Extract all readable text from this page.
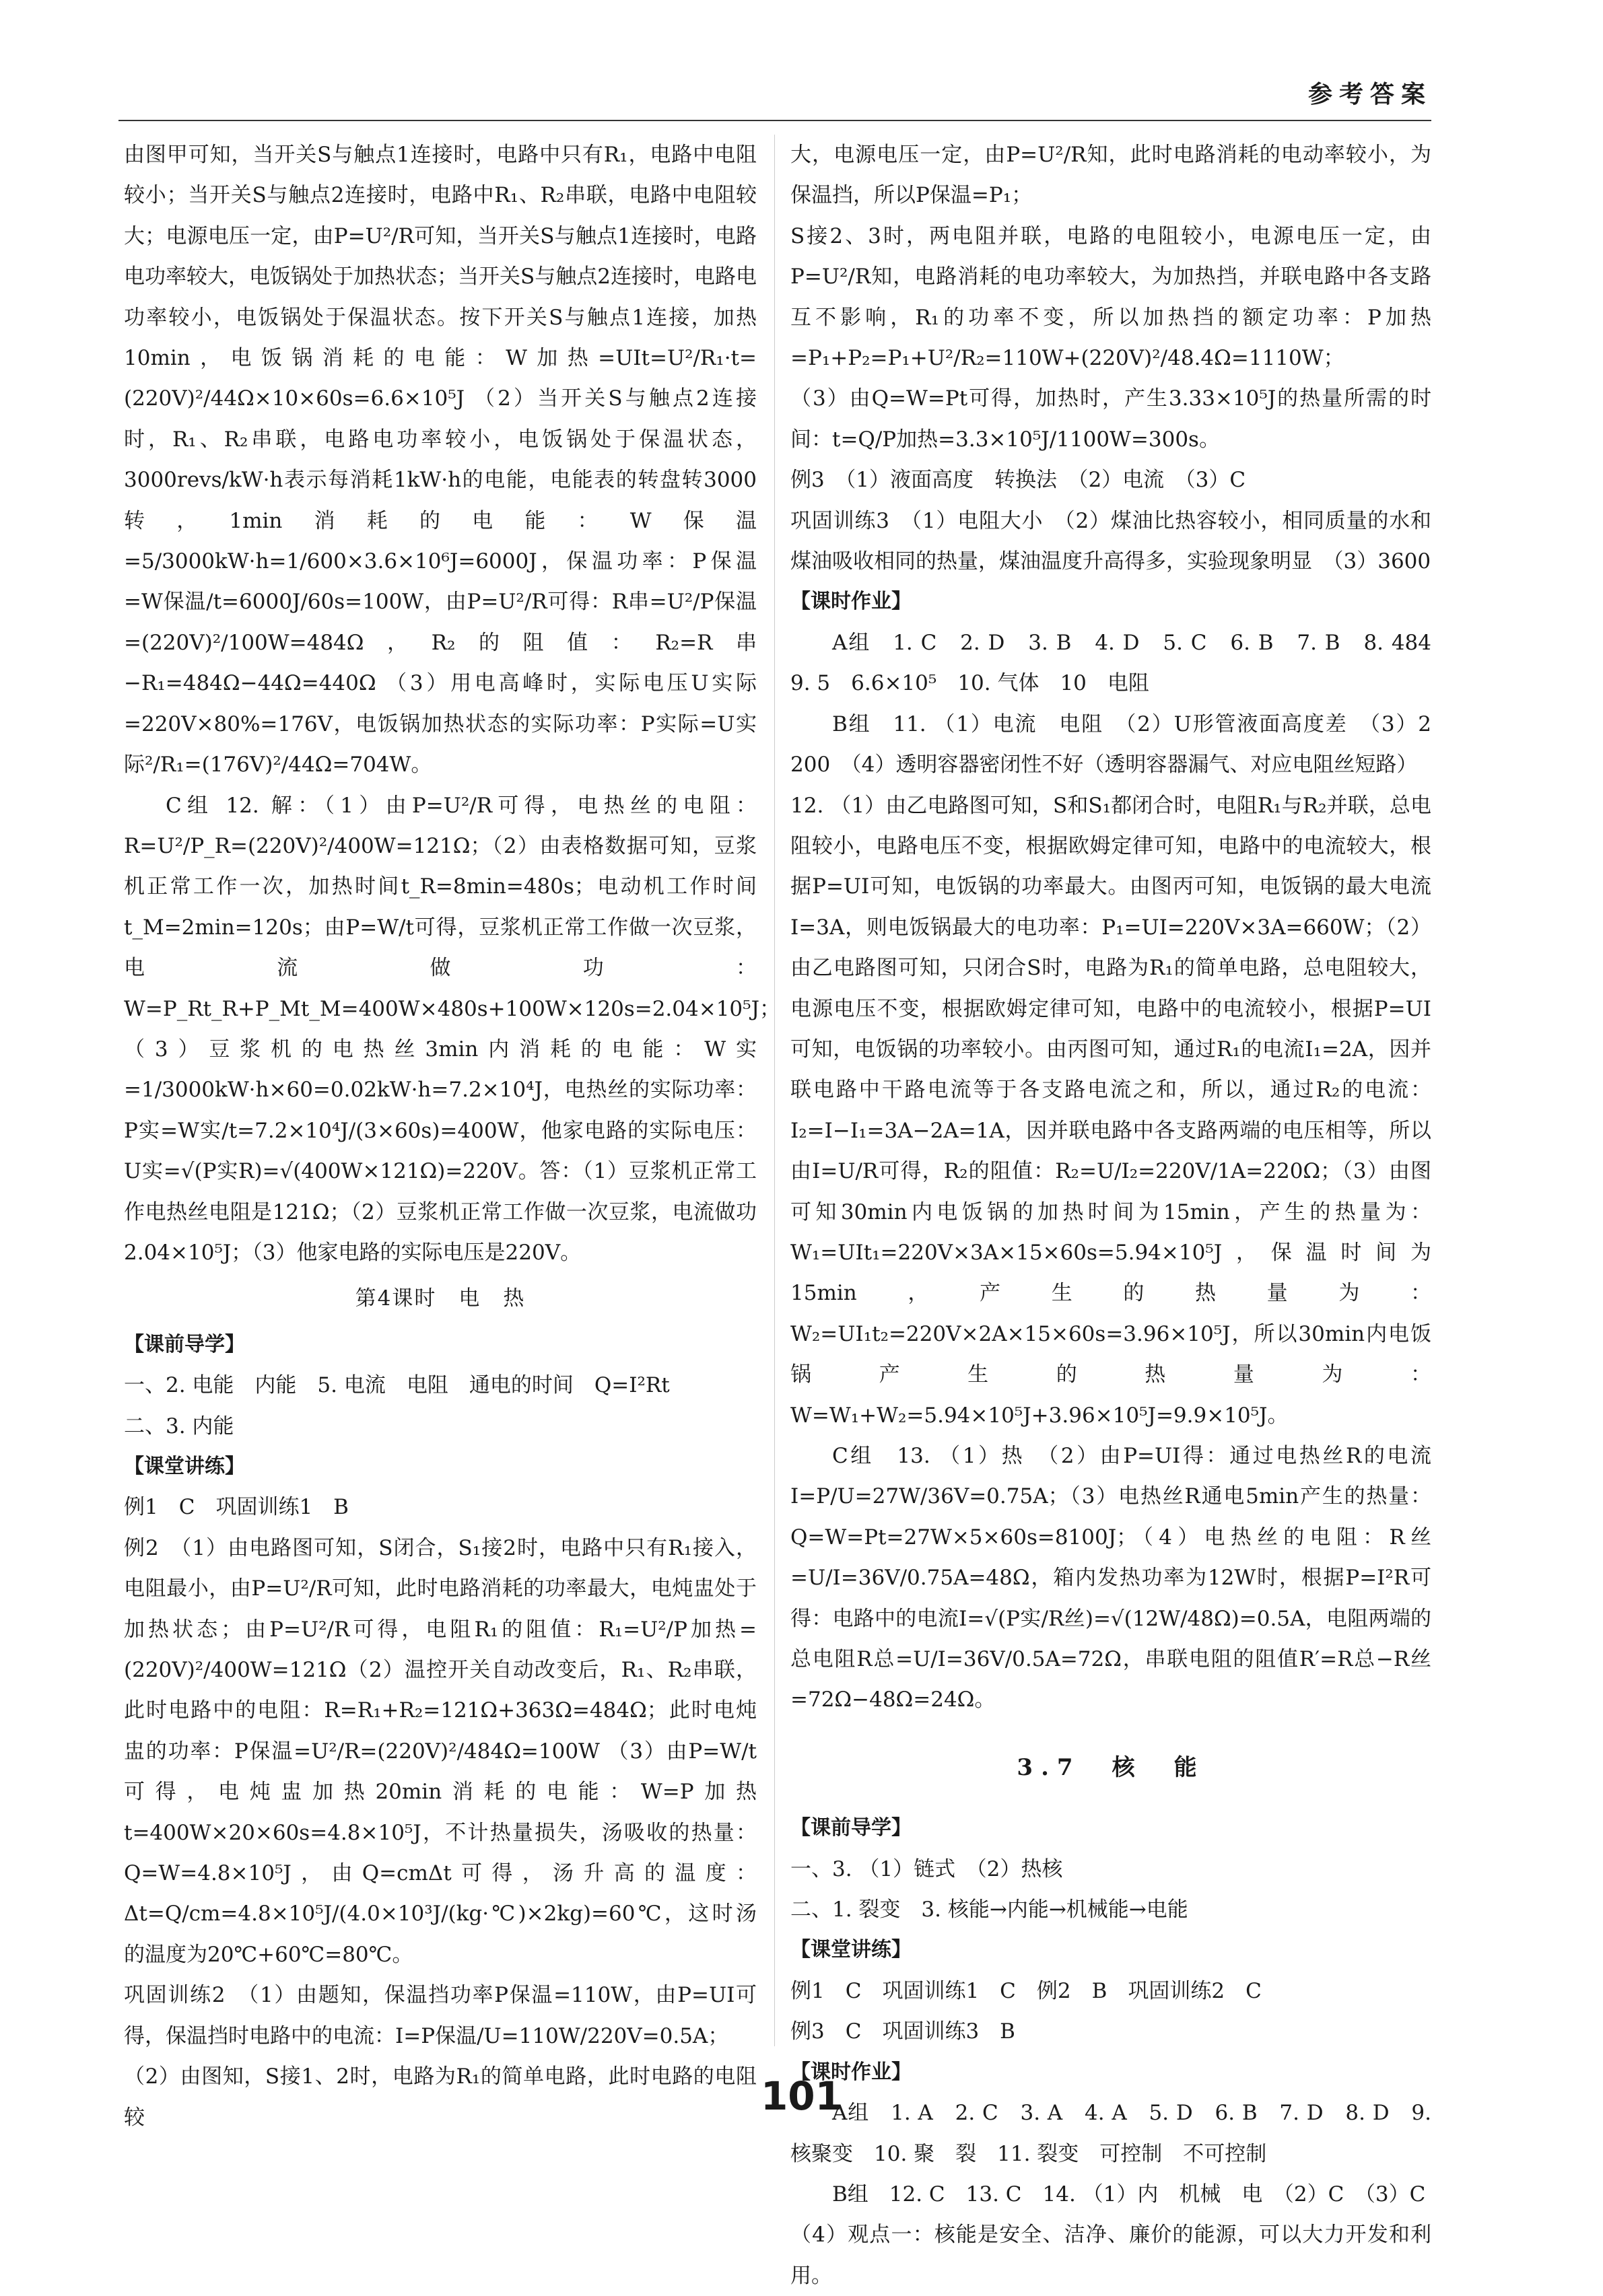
参考答案

由图甲可知，当开关S与触点1连接时，电路中只有R₁，电路中电阻较小；当开关S与触点2连接时，电路中R₁、R₂串联，电路中电阻较大；电源电压一定，由P=U²/R可知，当开关S与触点1连接时，电路电功率较大，电饭锅处于加热状态；当开关S与触点2连接时，电路电功率较小，电饭锅处于保温状态。按下开关S与触点1连接，加热10min，电饭锅消耗的电能：W加热=UIt=U²/R₁·t=(220V)²/44Ω×10×60s=6.6×10⁵J （2）当开关S与触点2连接时，R₁、R₂串联，电路电功率较小，电饭锅处于保温状态，3000revs/kW·h表示每消耗1kW·h的电能，电能表的转盘转3000转，1min消耗的电能：W保温=5/3000kW·h=1/600×3.6×10⁶J=6000J，保温功率：P保温=W保温/t=6000J/60s=100W，由P=U²/R可得：R串=U²/P保温=(220V)²/100W=484Ω，R₂的阻值：R₂=R串−R₁=484Ω−44Ω=440Ω （3）用电高峰时，实际电压U实际=220V×80%=176V，电饭锅加热状态的实际功率：P实际=U实际²/R₁=(176V)²/44Ω=704W。

C组 12. 解：（1）由P=U²/R可得，电热丝的电阻：R=U²/P_R=(220V)²/400W=121Ω；（2）由表格数据可知，豆浆机正常工作一次，加热时间t_R=8min=480s；电动机工作时间t_M=2min=120s；由P=W/t可得，豆浆机正常工作做一次豆浆，电流做功：W=P_Rt_R+P_Mt_M=400W×480s+100W×120s=2.04×10⁵J；（3）豆浆机的电热丝3min内消耗的电能：W实=1/3000kW·h×60=0.02kW·h=7.2×10⁴J，电热丝的实际功率：P实=W实/t=7.2×10⁴J/(3×60s)=400W，他家电路的实际电压：U实=√(P实R)=√(400W×121Ω)=220V。答：（1）豆浆机正常工作电热丝电阻是121Ω；（2）豆浆机正常工作做一次豆浆，电流做功2.04×10⁵J；（3）他家电路的实际电压是220V。

第4课时　电　热

【课前导学】

一、2. 电能　内能　5. 电流　电阻　通电的时间　Q=I²Rt

二、3. 内能

【课堂讲练】

例1　C　巩固训练1　B

例2　（1）由电路图可知，S闭合，S₁接2时，电路中只有R₁接入，电阻最小，由P=U²/R可知，此时电路消耗的功率最大，电炖盅处于加热状态；由P=U²/R可得，电阻R₁的阻值：R₁=U²/P加热=(220V)²/400W=121Ω（2）温控开关自动改变后，R₁、R₂串联，此时电路中的电阻：R=R₁+R₂=121Ω+363Ω=484Ω；此时电炖盅的功率：P保温=U²/R=(220V)²/484Ω=100W （3）由P=W/t可得，电炖盅加热20min消耗的电能：W=P加热t=400W×20×60s=4.8×10⁵J，不计热量损失，汤吸收的热量：Q=W=4.8×10⁵J，由Q=cmΔt可得，汤升高的温度：Δt=Q/cm=4.8×10⁵J/(4.0×10³J/(kg·℃)×2kg)=60℃，这时汤的温度为20℃+60℃=80℃。

巩固训练2　（1）由题知，保温挡功率P保温=110W，由P=UI可得，保温挡时电路中的电流：I=P保温/U=110W/220V=0.5A；

（2）由图知，S接1、2时，电路为R₁的简单电路，此时电路的电阻较

大，电源电压一定，由P=U²/R知，此时电路消耗的电动率较小，为保温挡，所以P保温=P₁；

S接2、3时，两电阻并联，电路的电阻较小，电源电压一定，由P=U²/R知，电路消耗的电功率较大，为加热挡，并联电路中各支路互不影响，R₁的功率不变，所以加热挡的额定功率：P加热=P₁+P₂=P₁+U²/R₂=110W+(220V)²/48.4Ω=1110W；

（3）由Q=W=Pt可得，加热时，产生3.33×10⁵J的热量所需的时间：t=Q/P加热=3.3×10⁵J/1100W=300s。

例3　（1）液面高度　转换法　（2）电流　（3）C

巩固训练3　（1）电阻大小　（2）煤油比热容较小，相同质量的水和煤油吸收相同的热量，煤油温度升高得多，实验现象明显　（3）3600

【课时作业】

A组　1. C　2. D　3. B　4. D　5. C　6. B　7. B　8. 484　9. 5　6.6×10⁵　10. 气体　10　电阻

B组　11. （1）电流　电阻　（2）U形管液面高度差　（3）2 200　（4）透明容器密闭性不好（透明容器漏气、对应电阻丝短路）

12. （1）由乙电路图可知，S和S₁都闭合时，电阻R₁与R₂并联，总电阻较小，电路电压不变，根据欧姆定律可知，电路中的电流较大，根据P=UI可知，电饭锅的功率最大。由图丙可知，电饭锅的最大电流I=3A，则电饭锅最大的电功率：P₁=UI=220V×3A=660W；（2）由乙电路图可知，只闭合S时，电路为R₁的简单电路，总电阻较大，电源电压不变，根据欧姆定律可知，电路中的电流较小，根据P=UI可知，电饭锅的功率较小。由丙图可知，通过R₁的电流I₁=2A，因并联电路中干路电流等于各支路电流之和，所以，通过R₂的电流：I₂=I−I₁=3A−2A=1A，因并联电路中各支路两端的电压相等，所以由I=U/R可得，R₂的阻值：R₂=U/I₂=220V/1A=220Ω；（3）由图可知30min内电饭锅的加热时间为15min，产生的热量为：W₁=UIt₁=220V×3A×15×60s=5.94×10⁵J，保温时间为15min，产生的热量为：W₂=UI₁t₂=220V×2A×15×60s=3.96×10⁵J，所以30min内电饭锅产生的热量为：W=W₁+W₂=5.94×10⁵J+3.96×10⁵J=9.9×10⁵J。

C组　13. （1）热　（2）由P=UI得：通过电热丝R的电流I=P/U=27W/36V=0.75A；（3）电热丝R通电5min产生的热量：Q=W=Pt=27W×5×60s=8100J；（4）电热丝的电阻：R丝=U/I=36V/0.75A=48Ω，箱内发热功率为12W时，根据P=I²R可得：电路中的电流I=√(P实/R丝)=√(12W/48Ω)=0.5A，电阻两端的总电阻R总=U/I=36V/0.5A=72Ω，串联电阻的阻值R′=R总−R丝=72Ω−48Ω=24Ω。

3.7　核　能

【课前导学】

一、3. （1）链式　（2）热核

二、1. 裂变　3. 核能→内能→机械能→电能

【课堂讲练】

例1　C　巩固训练1　C　例2　B　巩固训练2　C

例3　C　巩固训练3　B

【课时作业】

A组　1. A　2. C　3. A　4. A　5. D　6. B　7. D　8. D　9. 核聚变　10. 聚　裂　11. 裂变　可控制　不可控制

B组　12. C　13. C　14. （1）内　机械　电　（2）C　（3）C

（4）观点一：核能是安全、洁净、廉价的能源，可以大力开发和利用。

101
